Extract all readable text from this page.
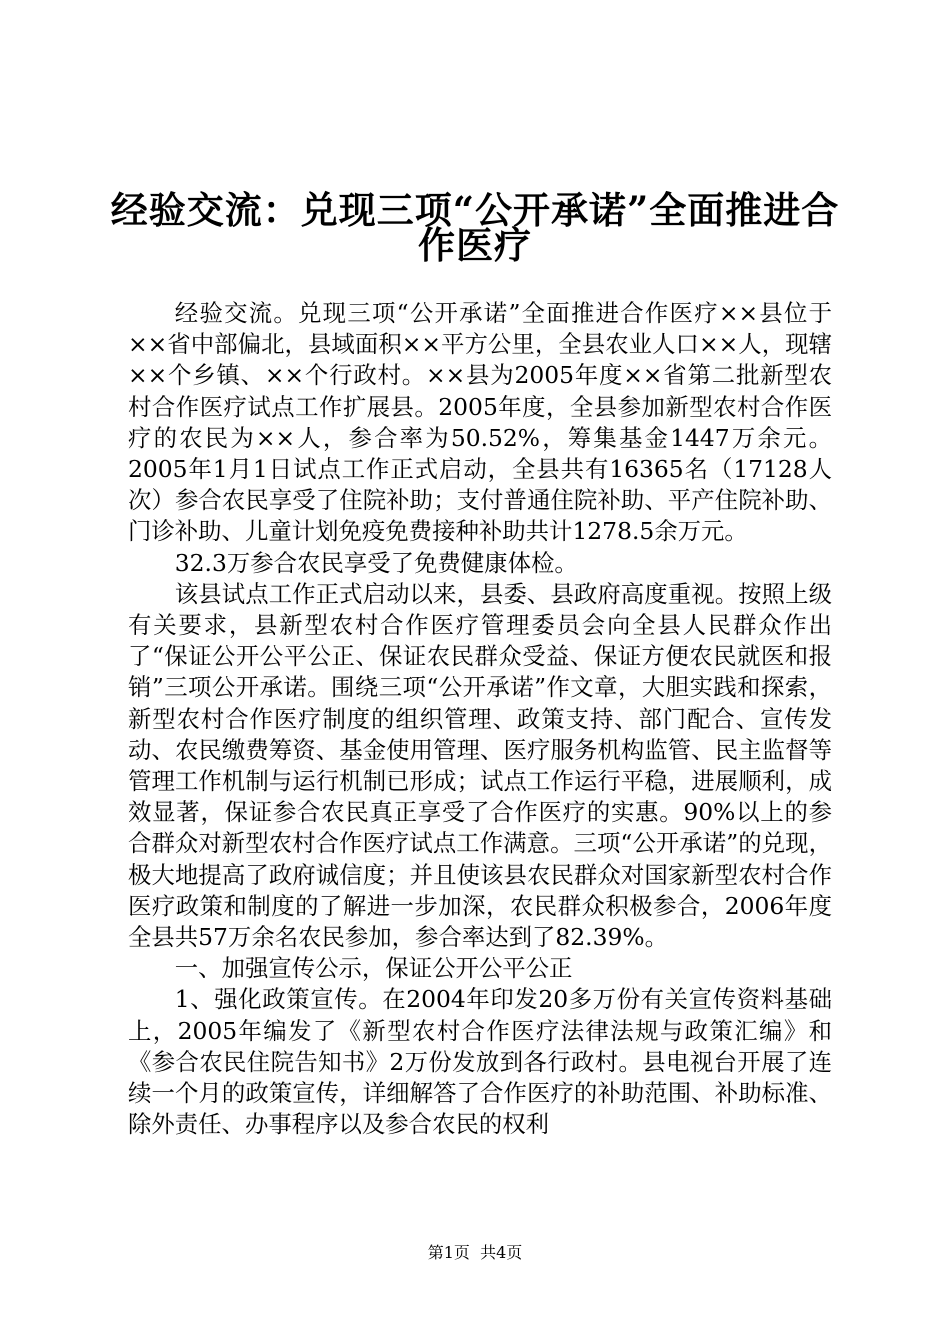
经验交流：兑现三项“公开承诺”全面推进合
作医疗

经验交流。兑现三项“公开承诺”全面推进合作医疗××县位于××省中部偏北，县域面积××平方公里，全县农业人口××人，现辖××个乡镇、××个行政村。××县为2005年度××省第二批新型农村合作医疗试点工作扩展县。2005年度，全县参加新型农村合作医疗的农民为××人，参合率为50.52%，筹集基金1447万余元。2005年1月1日试点工作正式启动，全县共有16365名（17128人次）参合农民享受了住院补助；支付普通住院补助、平产住院补助、门诊补助、儿童计划免疫免费接种补助共计1278.5余万元。

32.3万参合农民享受了免费健康体检。

该县试点工作正式启动以来，县委、县政府高度重视。按照上级有关要求，县新型农村合作医疗管理委员会向全县人民群众作出了“保证公开公平公正、保证农民群众受益、保证方便农民就医和报销”三项公开承诺。围绕三项“公开承诺”作文章，大胆实践和探索，新型农村合作医疗制度的组织管理、政策支持、部门配合、宣传发动、农民缴费筹资、基金使用管理、医疗服务机构监管、民主监督等管理工作机制与运行机制已形成；试点工作运行平稳，进展顺利，成效显著，保证参合农民真正享受了合作医疗的实惠。90%以上的参合群众对新型农村合作医疗试点工作满意。三项“公开承诺”的兑现，极大地提高了政府诚信度；并且使该县农民群众对国家新型农村合作医疗政策和制度的了解进一步加深，农民群众积极参合，2006年度全县共57万余名农民参加，参合率达到了82.39%。

一、加强宣传公示，保证公开公平公正

1、强化政策宣传。在2004年印发20多万份有关宣传资料基础上，2005年编发了《新型农村合作医疗法律法规与政策汇编》和《参合农民住院告知书》2万份发放到各行政村。县电视台开展了连续一个月的政策宣传，详细解答了合作医疗的补助范围、补助标准、除外责任、办事程序以及参合农民的权利

第1页  共4页
